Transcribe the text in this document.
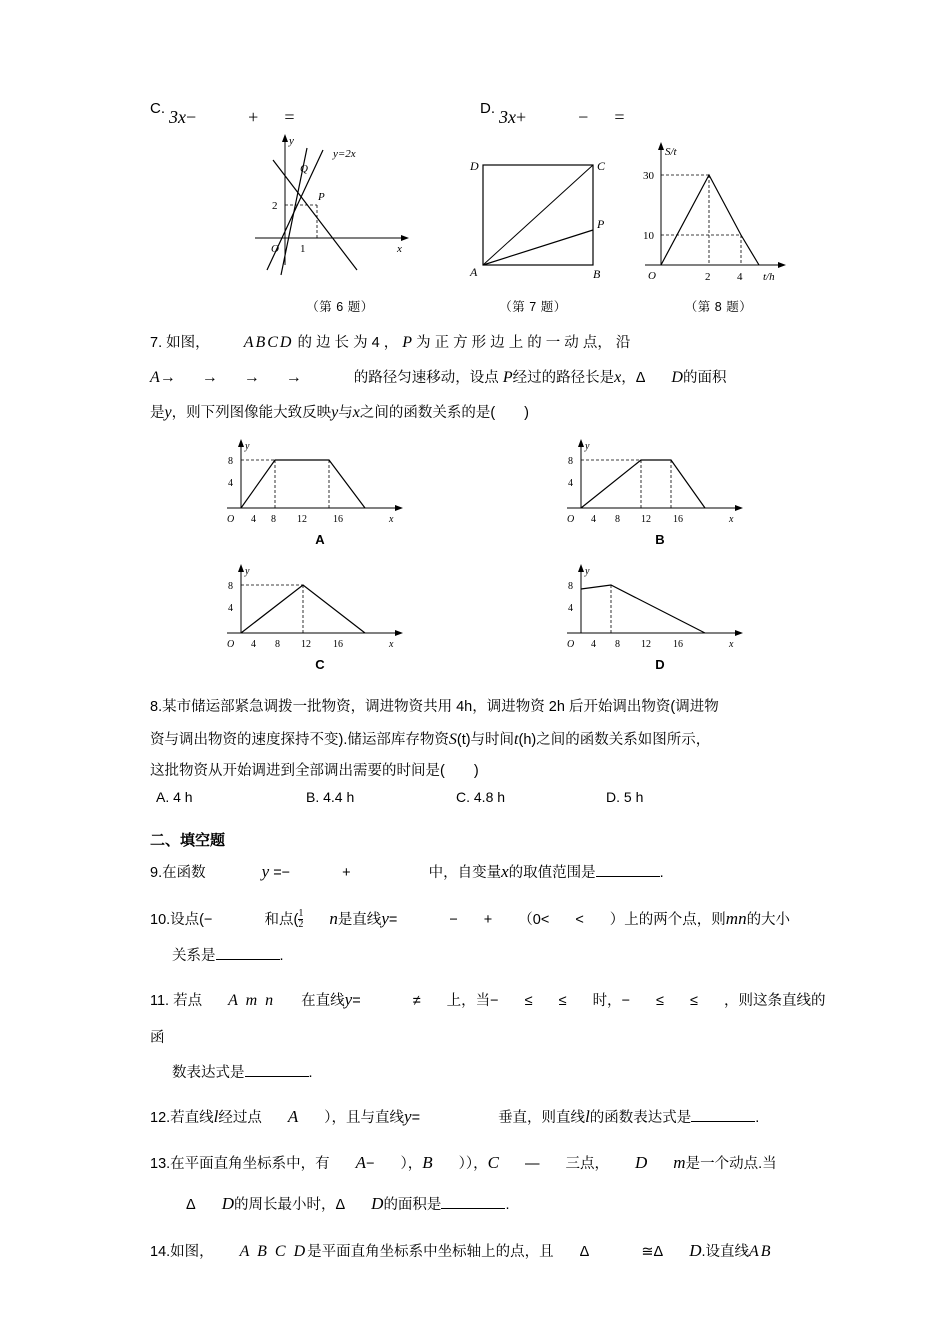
C. 3x−	+ =	D. 3x+	− =
y
x
O
Q
P
y=2x
2
1
（第 6 题）
D	C
A	B
P
（第 7 题）
S/t
t/h
O
30
10
2 4
（第 8 题）
7. 如图， ABCD 的 边 长 为 4 ， P 为 正 方 形 边 上 的 一 动 点， 沿
A→ → → →	的路径匀速移动，设点 P经过的路径长是x，Δ D的面积
是y，则下列图像能大致反映y与x之间的函数关系的是(　　)
y
x
O
8
4
4 8 12	16
A
y
x
O
8
4
4 8 12 16
B
y
x
O
8
4
4 8 12 16
C
y
x
O
8
4
4 8 12 16
D
8.某市储运部紧急调拨一批物资，调进物资共用 4h，调进物资 2h 后开始调出物资(调进物
资与调出物资的速度探持不变).储运部库存物资S(t)与时间t(h)之间的函数关系如图所示，
这批物资从开始调进到全部调出需要的时间是(　　)
A. 4 h	B. 4.4 h	C. 4.8 h	D. 5 h
二、填空题
9.在函数	y =−	+	中，自变量x的取值范围是	.
10.设点(−	和点( $\frac{1}{2}$ n是直线y=	− + （0< < ）上的两个点，则mn的大小
关系是	.
11. 若点 A m n 在直线y=	≠ 上，当− ≤ ≤ 时，− ≤ ≤ ，则这条直线的函
数表达式是	.
12.若直线l经过点 A ），且与直线y=	垂直，则直线l的函数表达式是	.
13.在平面直角坐标系中，有 A− ），B ）），C — 三点， D m是一个动点.当
Δ D的周长最小时，Δ D的面积是	.
14.如图， A B C D是平面直角坐标系中坐标轴上的点，且 Δ	≅Δ D.设直线AB
